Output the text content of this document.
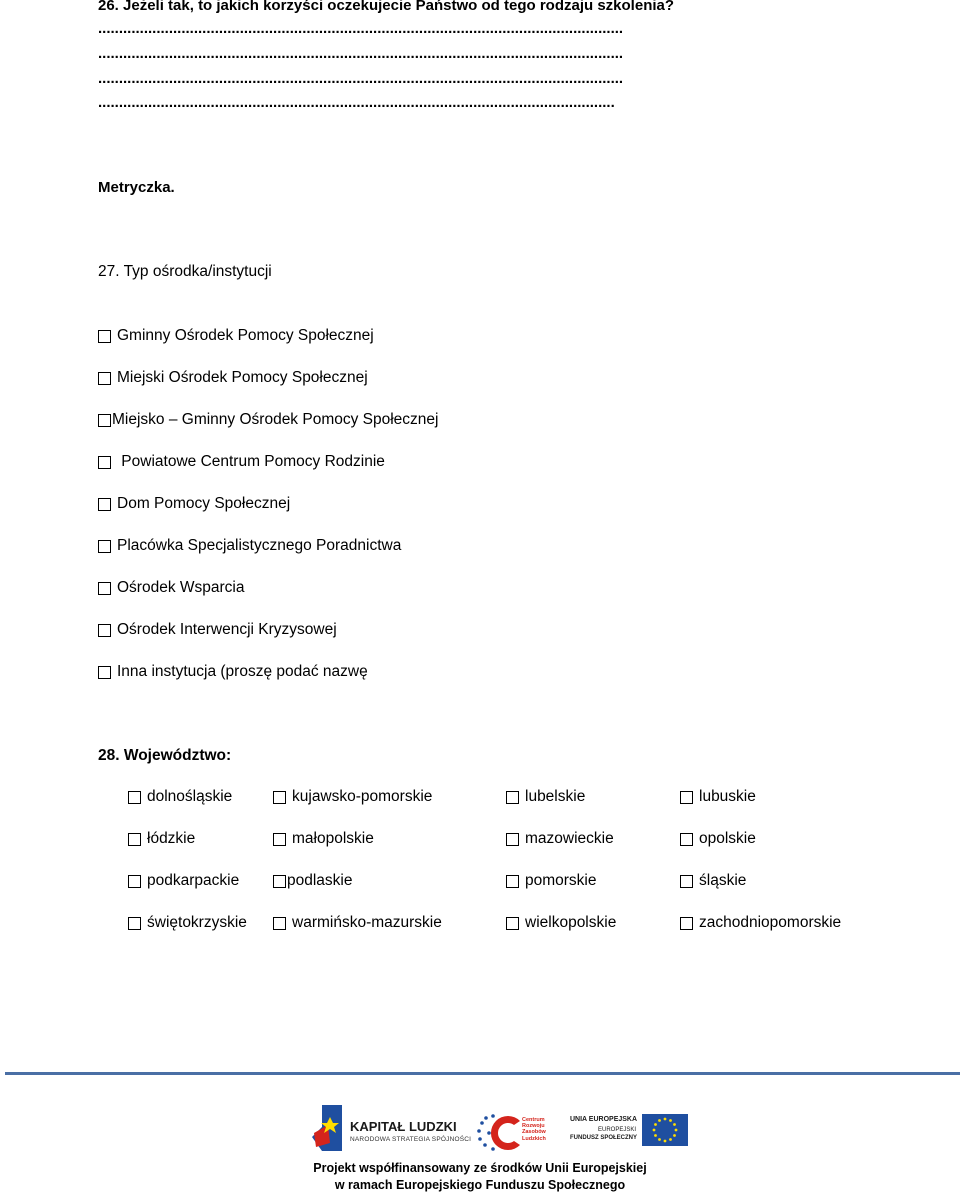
26. Jeżeli tak, to jakich korzyści oczekujecie Państwo od tego rodzaju szkolenia?
..............................................................................................................................
..............................................................................................................................
..............................................................................................................................
............................................................................................................................
Metryczka.
27. Typ ośrodka/instytucji
Gminny Ośrodek Pomocy Społecznej
Miejski Ośrodek Pomocy Społecznej
Miejsko – Gminny Ośrodek Pomocy Społecznej
Powiatowe Centrum Pomocy Rodzinie
Dom Pomocy Społecznej
Placówka Specjalistycznego Poradnictwa
Ośrodek Wsparcia
Ośrodek Interwencji Kryzysowej
Inna instytucja (proszę podać nazwę
28. Województwo:
dolnośląskie	kujawsko-pomorskie	lubelskie	lubuskie
łódzkie	małopolskie	mazowieckie	opolskie
podkarpackie	podlaskie	pomorskie	śląskie
świętokrzyskie	warmińsko-mazurskie	wielkopolskie	zachodniopomorskie
KAPITAŁ LUDZKI
NARODOWA STRATEGIA SPÓJNOŚCI
Centrum
Rozwoju
Zasobów
Ludzkich
UNIA EUROPEJSKA
EUROPEJSKI
FUNDUSZ SPOŁECZNY
Projekt współfinansowany ze środków Unii Europejskiej
w ramach Europejskiego Funduszu Społecznego
